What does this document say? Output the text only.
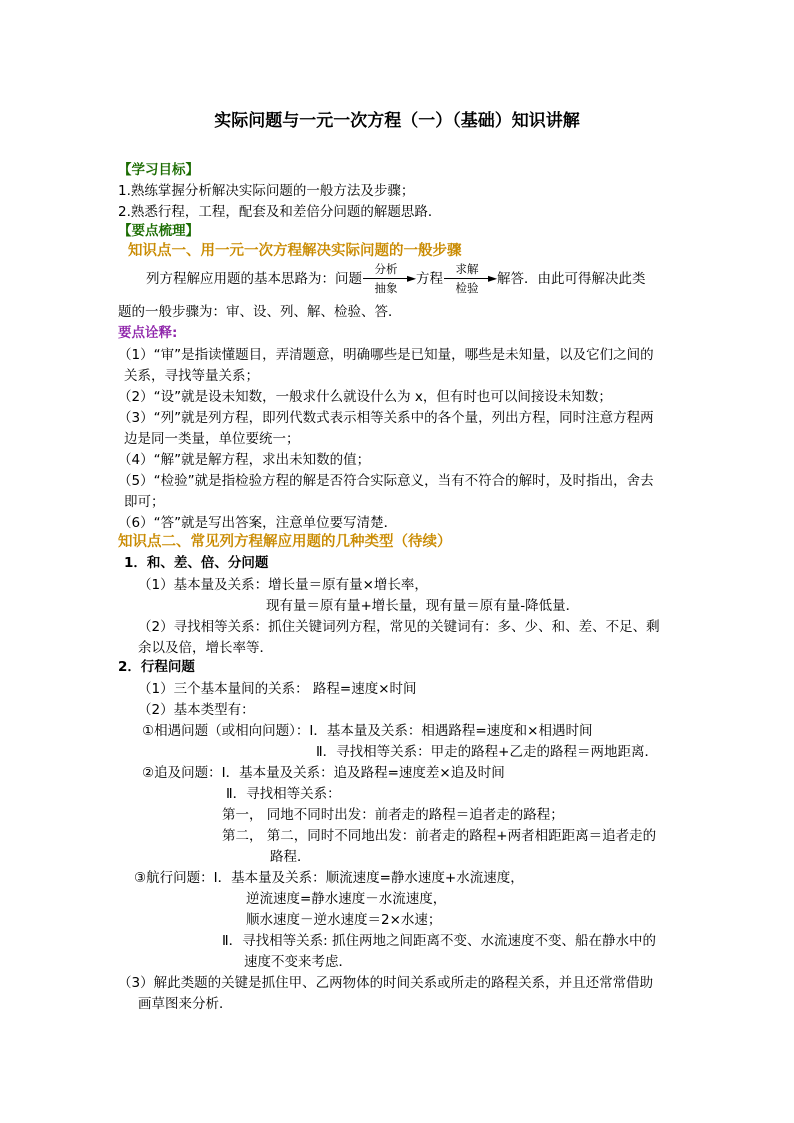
实际问题与一元一次方程（一）（基础）知识讲解
【学习目标】
1.熟练掌握分析解决实际问题的一般方法及步骤；
2.熟悉行程，工程，配套及和差倍分问题的解题思路．
【要点梳理】
知识点一、用一元一次方程解决实际问题的一般步骤
列方程解应用题的基本思路为：问题
分析
►
抽象
方程
求解
►
检验
解答．由此可得解决此类
题的一般步骤为：审、设、列、解、检验、答．
要点诠释:
（1）“审”是指读懂题目，弄清题意，明确哪些是已知量，哪些是未知量，以及它们之间的
关系，寻找等量关系；
（2）“设”就是设未知数，一般求什么就设什么为 x，但有时也可以间接设未知数；
（3）“列”就是列方程，即列代数式表示相等关系中的各个量，列出方程，同时注意方程两
边是同一类量，单位要统一；
（4）“解”就是解方程，求出未知数的值；
（5）“检验”就是指检验方程的解是否符合实际意义，当有不符合的解时，及时指出，舍去
即可；
（6）“答”就是写出答案，注意单位要写清楚．
知识点二、常见列方程解应用题的几种类型（待续）
1．和、差、倍、分问题
（1）基本量及关系：增长量＝原有量×增长率，
现有量＝原有量+增长量，现有量＝原有量-降低量．
（2）寻找相等关系：抓住关键词列方程，常见的关键词有：多、少、和、差、不足、剩
余以及倍，增长率等．
2．行程问题
（1）三个基本量间的关系： 路程=速度×时间
（2）基本类型有：
①相遇问题（或相向问题）：Ⅰ．基本量及关系：相遇路程=速度和×相遇时间
Ⅱ．寻找相等关系：甲走的路程+乙走的路程＝两地距离．
②追及问题：Ⅰ．基本量及关系：追及路程=速度差×追及时间
Ⅱ．寻找相等关系：
第一， 同地不同时出发：前者走的路程＝追者走的路程；
第二， 第二，同时不同地出发：前者走的路程+两者相距距离＝追者走的
路程．
③航行问题：Ⅰ．基本量及关系：顺流速度=静水速度+水流速度，
逆流速度=静水速度－水流速度，
顺水速度－逆水速度＝2×水速；
Ⅱ．寻找相等关系: 抓住两地之间距离不变、水流速度不变、船在静水中的
速度不变来考虑．
（3）解此类题的关键是抓住甲、乙两物体的时间关系或所走的路程关系，并且还常常借助
画草图来分析．
